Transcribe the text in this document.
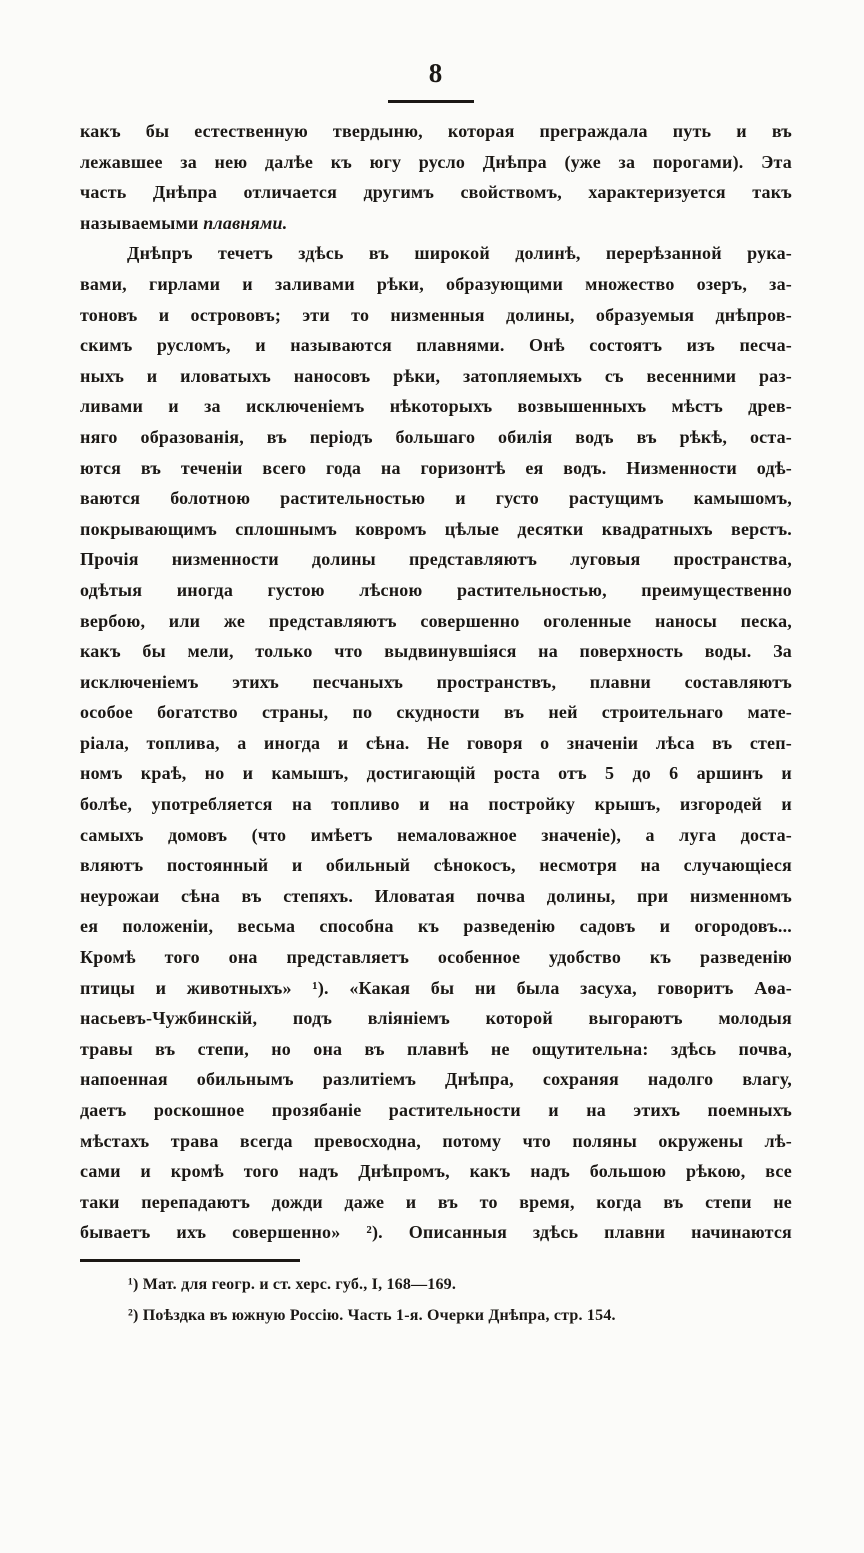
8
какъ бы естественную твердыню, которая преграждала путь и въ
лежавшее за нею далѣе къ югу русло Днѣпра (уже за порогами). Эта
часть Днѣпра отличается другимъ свойствомъ, характеризуется такъ
называемыми плавнями.
Днѣпръ течетъ здѣсь въ широкой долинѣ, перерѣзанной рука-
вами, гирлами и заливами рѣки, образующими множество озеръ, за-
тоновъ и острововъ; эти то низменныя долины, образуемыя днѣпров-
скимъ русломъ, и называются плавнями. Онѣ состоятъ изъ песча-
ныхъ и иловатыхъ наносовъ рѣки, затопляемыхъ съ весенними раз-
ливами и за исключеніемъ нѣкоторыхъ возвышенныхъ мѣстъ древ-
няго образованія, въ періодъ большаго обилія водъ въ рѣкѣ, оста-
ются въ теченіи всего года на горизонтѣ ея водъ. Низменности одѣ-
ваются болотною растительностью и густо растущимъ камышомъ,
покрывающимъ сплошнымъ ковромъ цѣлые десятки квадратныхъ верстъ.
Прочія низменности долины представляютъ луговыя пространства,
одѣтыя иногда густою лѣсною растительностью, преимущественно
вербою, или же представляютъ совершенно оголенные наносы песка,
какъ бы мели, только что выдвинувшіяся на поверхность воды. За
исключеніемъ этихъ песчаныхъ пространствъ, плавни составляютъ
особое богатство страны, по скудности въ ней строительнаго мате-
ріала, топлива, а иногда и сѣна. Не говоря о значеніи лѣса въ степ-
номъ краѣ, но и камышъ, достигающій роста отъ 5 до 6 аршинъ и
болѣе, употребляется на топливо и на постройку крышъ, изгородей и
самыхъ домовъ (что имѣетъ немаловажное значеніе), а луга доста-
вляютъ постоянный и обильный сѣнокосъ, несмотря на случающіеся
неурожаи сѣна въ степяхъ. Иловатая почва долины, при низменномъ
ея положеніи, весьма способна къ разведенію садовъ и огородовъ...
Кромѣ того она представляетъ особенное удобство къ разведенію
птицы и животныхъ» ¹). «Какая бы ни была засуха, говоритъ Аѳа-
насьевъ-Чужбинскій, подъ вліяніемъ которой выгораютъ молодыя
травы въ степи, но она въ плавнѣ не ощутительна: здѣсь почва,
напоенная обильнымъ разлитіемъ Днѣпра, сохраняя надолго влагу,
даетъ роскошное прозябаніе растительности и на этихъ поемныхъ
мѣстахъ трава всегда превосходна, потому что поляны окружены лѣ-
сами и кромѣ того надъ Днѣпромъ, какъ надъ большою рѣкою, все
таки перепадаютъ дожди даже и въ то время, когда въ степи не
бываетъ ихъ совершенно» ²). Описанныя здѣсь плавни начинаются
¹) Мат. для геогр. и ст. херс. губ., I, 168—169.
²) Поѣздка въ южную Россію. Часть 1-я. Очерки Днѣпра, стр. 154.
